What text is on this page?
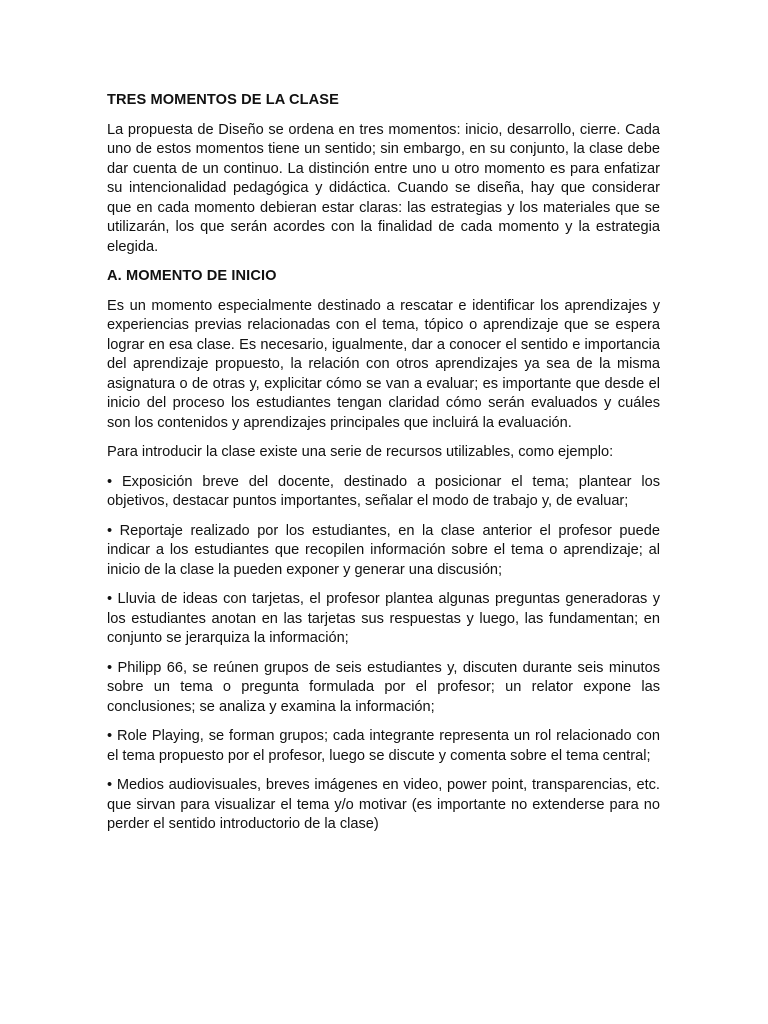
TRES MOMENTOS DE LA CLASE

La propuesta de Diseño se ordena en tres momentos: inicio, desarrollo, cierre. Cada uno de estos momentos tiene un sentido; sin embargo, en su conjunto, la clase debe dar cuenta de un continuo. La distinción entre uno u otro momento es para enfatizar su intencionalidad pedagógica y didáctica. Cuando se diseña, hay que considerar que en cada momento debieran estar claras: las estrategias y los materiales que se utilizarán, los que serán acordes con la finalidad de cada momento y la estrategia elegida.

A. MOMENTO DE INICIO

Es un momento especialmente destinado a rescatar e identificar los aprendizajes y experiencias previas relacionadas con el tema, tópico o aprendizaje que se espera lograr en esa clase. Es necesario, igualmente, dar a conocer el sentido e importancia del aprendizaje propuesto, la relación con otros aprendizajes ya sea de la misma asignatura o de otras y, explicitar cómo se van a evaluar; es importante que desde el inicio del proceso los estudiantes tengan claridad cómo serán evaluados y cuáles son los contenidos y aprendizajes principales que incluirá la evaluación.

Para introducir la clase existe una serie de recursos utilizables, como ejemplo:

• Exposición breve del docente, destinado a posicionar el tema; plantear los objetivos, destacar puntos importantes, señalar el modo de trabajo y, de evaluar;

• Reportaje realizado por los estudiantes, en la clase anterior el profesor puede indicar a los estudiantes que recopilen información sobre el tema o aprendizaje; al inicio de la clase la pueden exponer y generar una discusión;

• Lluvia de ideas con tarjetas, el profesor plantea algunas preguntas generadoras y los estudiantes anotan en las tarjetas sus respuestas y luego, las fundamentan; en conjunto se jerarquiza la información;

• Philipp 66, se reúnen grupos de seis estudiantes y, discuten durante seis minutos sobre un tema o pregunta formulada por el profesor; un relator expone las conclusiones; se analiza y examina la información;

• Role Playing, se forman grupos; cada integrante representa un rol relacionado con el tema propuesto por el profesor, luego se discute y comenta sobre el tema central;

• Medios audiovisuales, breves imágenes en video, power point, transparencias, etc. que sirvan para visualizar el tema y/o motivar (es importante no extenderse para no perder el sentido introductorio de la clase)
